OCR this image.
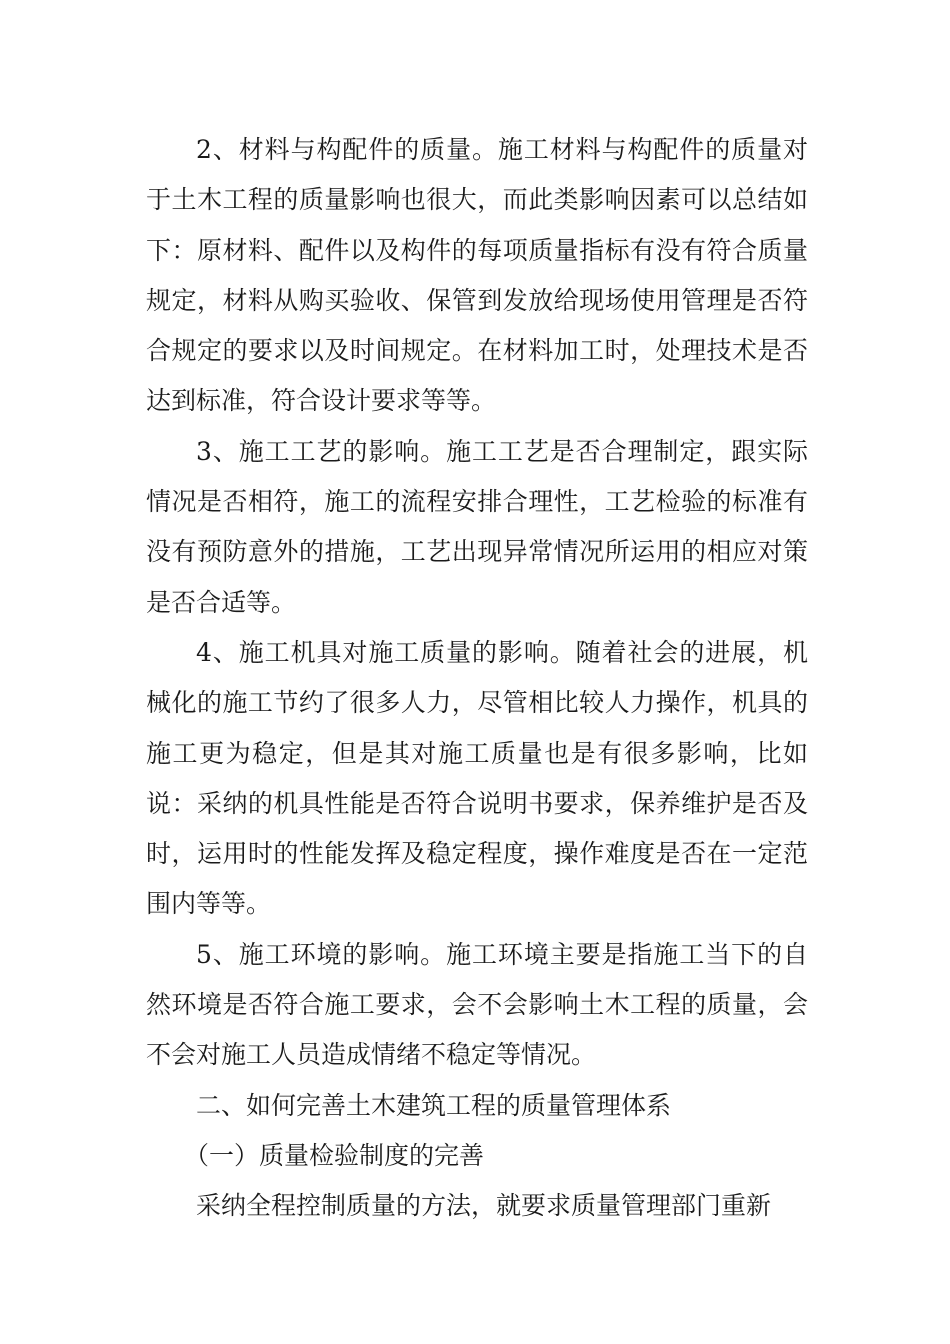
2、材料与构配件的质量。施工材料与构配件的质量对于土木工程的质量影响也很大，而此类影响因素可以总结如下：原材料、配件以及构件的每项质量指标有没有符合质量规定，材料从购买验收、保管到发放给现场使用管理是否符合规定的要求以及时间规定。在材料加工时，处理技术是否达到标准，符合设计要求等等。

3、施工工艺的影响。施工工艺是否合理制定，跟实际情况是否相符，施工的流程安排合理性，工艺检验的标准有没有预防意外的措施，工艺出现异常情况所运用的相应对策是否合适等。

4、施工机具对施工质量的影响。随着社会的进展，机械化的施工节约了很多人力，尽管相比较人力操作，机具的施工更为稳定，但是其对施工质量也是有很多影响，比如说：采纳的机具性能是否符合说明书要求，保养维护是否及时，运用时的性能发挥及稳定程度，操作难度是否在一定范围内等等。

5、施工环境的影响。施工环境主要是指施工当下的自然环境是否符合施工要求，会不会影响土木工程的质量，会不会对施工人员造成情绪不稳定等情况。

二、如何完善土木建筑工程的质量管理体系

（一）质量检验制度的完善

采纳全程控制质量的方法，就要求质量管理部门重新
